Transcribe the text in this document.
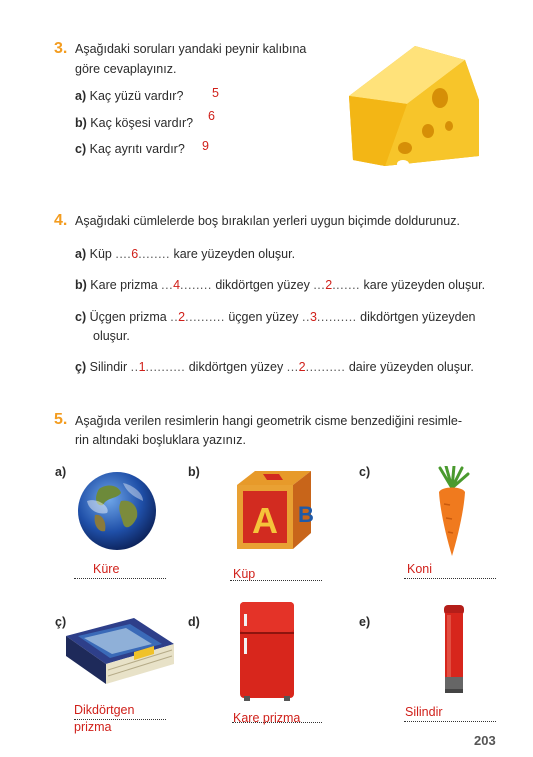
3. Aşağıdaki soruları yandaki peynir kalıbına
göre cevaplayınız.
a) Kaç yüzü vardır? 5
b) Kaç köşesi vardır? 6
c) Kaç ayrıtı vardır? 9
4. Aşağıdaki cümlelerde boş bırakılan yerleri uygun biçimde doldurunuz.
a) Küp ....6........ kare yüzeyden oluşur.
b) Kare prizma ...4........ dikdörtgen yüzey ...2....... kare yüzeyden oluşur.
c) Üçgen prizma ..2.......... üçgen yüzey ..3.......... dikdörtgen yüzeyden
oluşur.
ç) Silindir ..1.......... dikdörtgen yüzey ...2.......... daire yüzeyden oluşur.
5. Aşağıda verilen resimlerin hangi geometrik cisme benzediğini resimle-
rin altındaki boşluklara yazınız.
a)	b)	c)
B
A
Küre	Küp	Koni
ç)	d)	e)
Dikdörtgen
prizma
Kare prizma	Silindir
203
